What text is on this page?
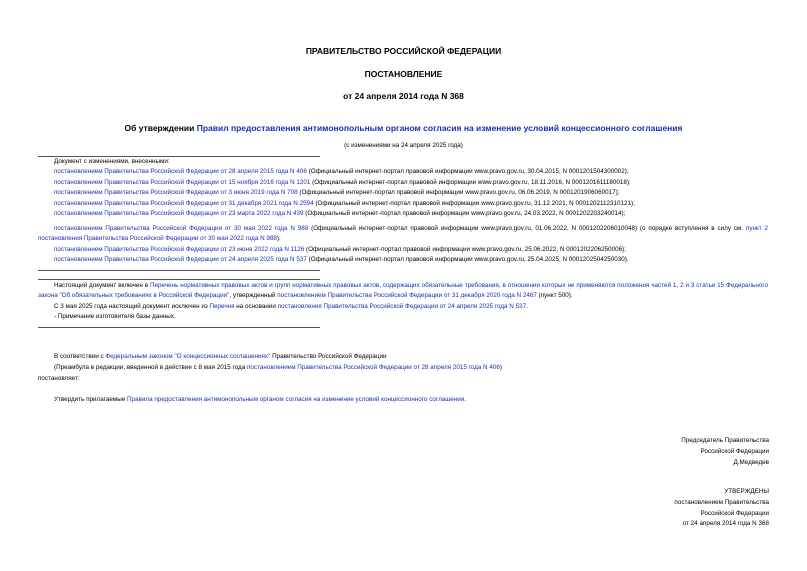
ПРАВИТЕЛЬСТВО РОССИЙСКОЙ ФЕДЕРАЦИИ
ПОСТАНОВЛЕНИЕ
от 24 апреля 2014 года N 368
Об утверждении Правил предоставления антимонопольным органом согласия на изменение условий концессионного соглашения
(с изменениями на 24 апреля 2025 года)
Документ с изменениями, внесенными:
постановлением Правительства Российской Федерации от 28 апреля 2015 года N 406 (Официальный интернет-портал правовой информации www.pravo.gov.ru, 30.04.2015, N 0001201504300002);
постановлением Правительства Российской Федерации от 15 ноября 2016 года N 1201 (Официальный интернет-портал правовой информации www.pravo.gov.ru, 18.11.2016, N 0001201611180018);
постановлением Правительства Российской Федерации от 3 июня 2019 года N 708 (Официальный интернет-портал правовой информации www.pravo.gov.ru, 06.06.2019, N 0001201906060017);
постановлением Правительства Российской Федерации от 31 декабря 2021 года N 2594 (Официальный интернет-портал правовой информации www.pravo.gov.ru, 31.12.2021, N 0001202112310121);
постановлением Правительства Российской Федерации от 23 марта 2022 года N 439 (Официальный интернет-портал правовой информации www.pravo.gov.ru, 24.03.2022, N 0001202203240014);
постановлением Правительства Российской Федерации от 30 мая 2022 года N 988 (Официальный интернет-портал правовой информации www.pravo.gov.ru, 01.06.2022, N 0001202206010048) (о порядке вступления в силу см. пункт 2 постановления Правительства Российской Федерации от 30 мая 2022 года N 988);
постановлением Правительства Российской Федерации от 23 июня 2022 года N 1126 (Официальный интернет-портал правовой информации www.pravo.gov.ru, 25.06.2022, N 0001202206250006);
постановлением Правительства Российской Федерации от 24 апреля 2025 года N 537 (Официальный интернет-портал правовой информации www.pravo.gov.ru, 25.04.2025, N 0001202504250030).
Настоящий документ включен в Перечень нормативных правовых актов и групп нормативных правовых актов, содержащих обязательные требования, в отношении которых не применяются положения частей 1, 2 и 3 статьи 15 Федерального закона "Об обязательных требованиях в Российской Федерации", утвержденный постановлением Правительства Российской Федерации от 31 декабря 2020 года N 2467 (пункт 500).
С 3 мая 2025 года настоящий документ исключен из Перечня на основании постановления Правительства Российской Федерации от 24 апреля 2025 года N 537.
- Примечание изготовителя базы данных.
В соответствии с Федеральным законом "О концессионных соглашениях" Правительство Российской Федерации
(Преамбула в редакции, введенной в действие с 8 мая 2015 года постановлением Правительства Российской Федерации от 28 апреля 2015 года N 406)
постановляет:
Утвердить прилагаемые Правила предоставления антимонопольным органом согласия на изменение условий концессионного соглашения.
Председатель Правительства
Российской Федерации
Д.Медведев
УТВЕРЖДЕНЫ
постановлением Правительства
Российской Федерации
от 24 апреля 2014 года N 368
